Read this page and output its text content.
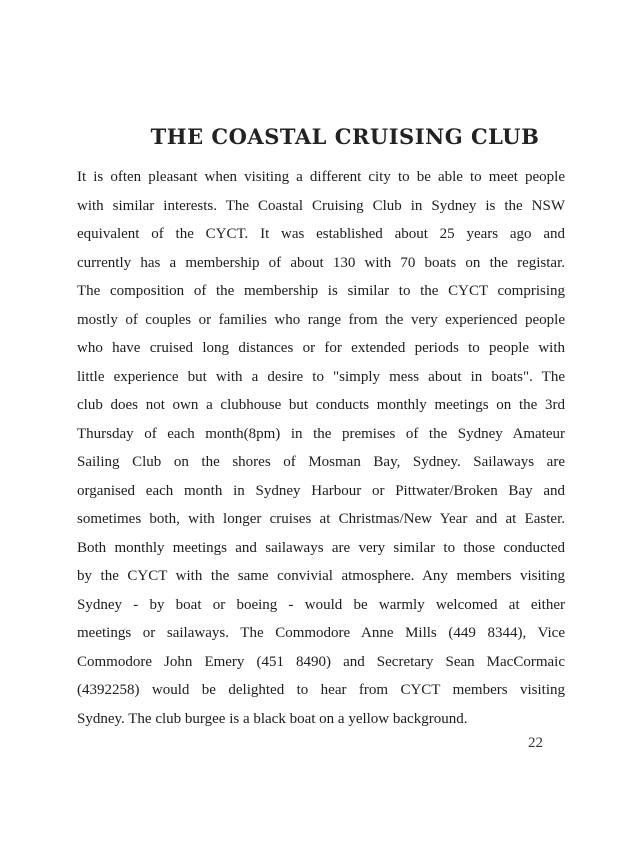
THE COASTAL CRUISING CLUB
It is often pleasant when visiting a different city to be able to meet people
with similar interests. The Coastal Cruising Club in Sydney is the NSW
equivalent of the CYCT. It was established about 25 years ago and
currently has a membership of about 130 with 70 boats on the registar.
The composition of the membership is similar to the CYCT comprising
mostly of couples or families who range from the very experienced people
who have cruised long distances or for extended periods to people with
little experience but with a desire to "simply mess about in boats". The
club does not own a clubhouse but conducts monthly meetings on the 3rd
Thursday of each month(8pm) in the premises of the Sydney Amateur
Sailing Club on the shores of Mosman Bay, Sydney. Sailaways are
organised each month in Sydney Harbour or Pittwater/Broken Bay and
sometimes both, with longer cruises at Christmas/New Year and at Easter.
Both monthly meetings and sailaways are very similar to those conducted
by the CYCT with the same convivial atmosphere. Any members visiting
Sydney - by boat or boeing - would be warmly welcomed at either
meetings or sailaways. The Commodore Anne Mills (449 8344), Vice
Commodore John Emery (451 8490) and Secretary Sean MacCormaic
(4392258) would be delighted to hear from CYCT members visiting
Sydney. The club burgee is a black boat on a yellow background.
22
